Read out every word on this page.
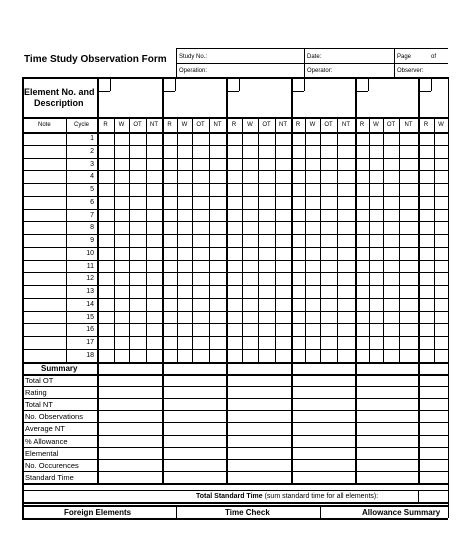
Time Study Observation Form Study No.:	Date:	Page	of
Operation:	Operator:	Observer:
Element No. and
Description
Note	Cycle
Summary
Total Standard Time (sum standard time for all elements):
Foreign Elements	Time Check	Allowance Summary
R	W	OT	NT	R	W	OT	NT	R	W	OT	NT	R	W	OT	NT	R	W	OT	NT	R	W
1
2
3
4
5
6
7
8
9
10
11
12
13
14
15
16
17
18
Total OT
Rating
Total NT
No. Observations
Average NT
% Allowance
Elemental
No. Occurences
Standard Time
